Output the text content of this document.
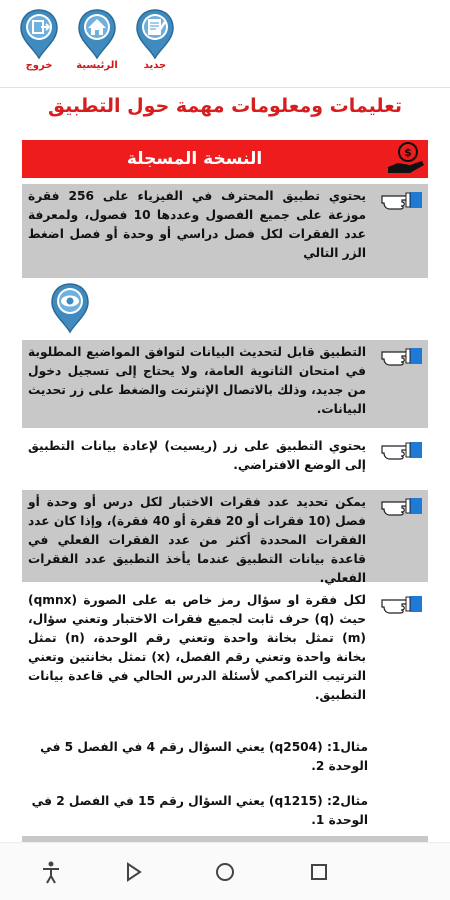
خروج	الرئيسية	جديد
تعليمات ومعلومات مهمة حول التطبيق
النسخة المسجلة	$
يحتوي تطبيق المحترف في الفيزياء على 256 فقرة موزعة على جميع الفصول وعددها 10 فصول، ولمعرفة عدد الفقرات لكل فصل دراسي أو وحدة أو فصل اضغط الزر التالي
التطبيق قابل لتحديث البيانات لتوافق المواضيع المطلوبة في امتحان الثانوية العامة، ولا يحتاج إلى تسجيل دخول من جديد، وذلك بالاتصال الإنترنت والضغط على زر تحديث البيانات.
يحتوي التطبيق على زر (ريسيت) لإعادة بيانات التطبيق إلى الوضع الافتراضي.
يمكن تحديد عدد فقرات الاختبار لكل درس أو وحدة أو فصل (10 فقرات أو 20 فقرة أو 40 فقرة)، وإذا كان عدد الفقرات المحددة أكثر من عدد الفقرات الفعلي في قاعدة بيانات التطبيق عندما يأخذ التطبيق عدد الفقرات الفعلي.
لكل فقرة او سؤال رمز خاص به على الصورة (qmnx) حيث (q) حرف ثابت لجميع فقرات الاختبار وتعني سؤال، (m) تمثل بخانة واحدة وتعني رقم الوحدة، (n) تمثل بخانة واحدة وتعني رقم الفصل، (x) تمثل بخانتين وتعني الترتيب التراكمي لأسئلة الدرس الحالي في قاعدة بيانات التطبيق.
مثال1: (q2504) يعني السؤال رقم 4 في الفصل 5 في الوحدة 2.
مثال2: (q1215) يعني السؤال رقم 15 في الفصل 2 في الوحدة 1.
